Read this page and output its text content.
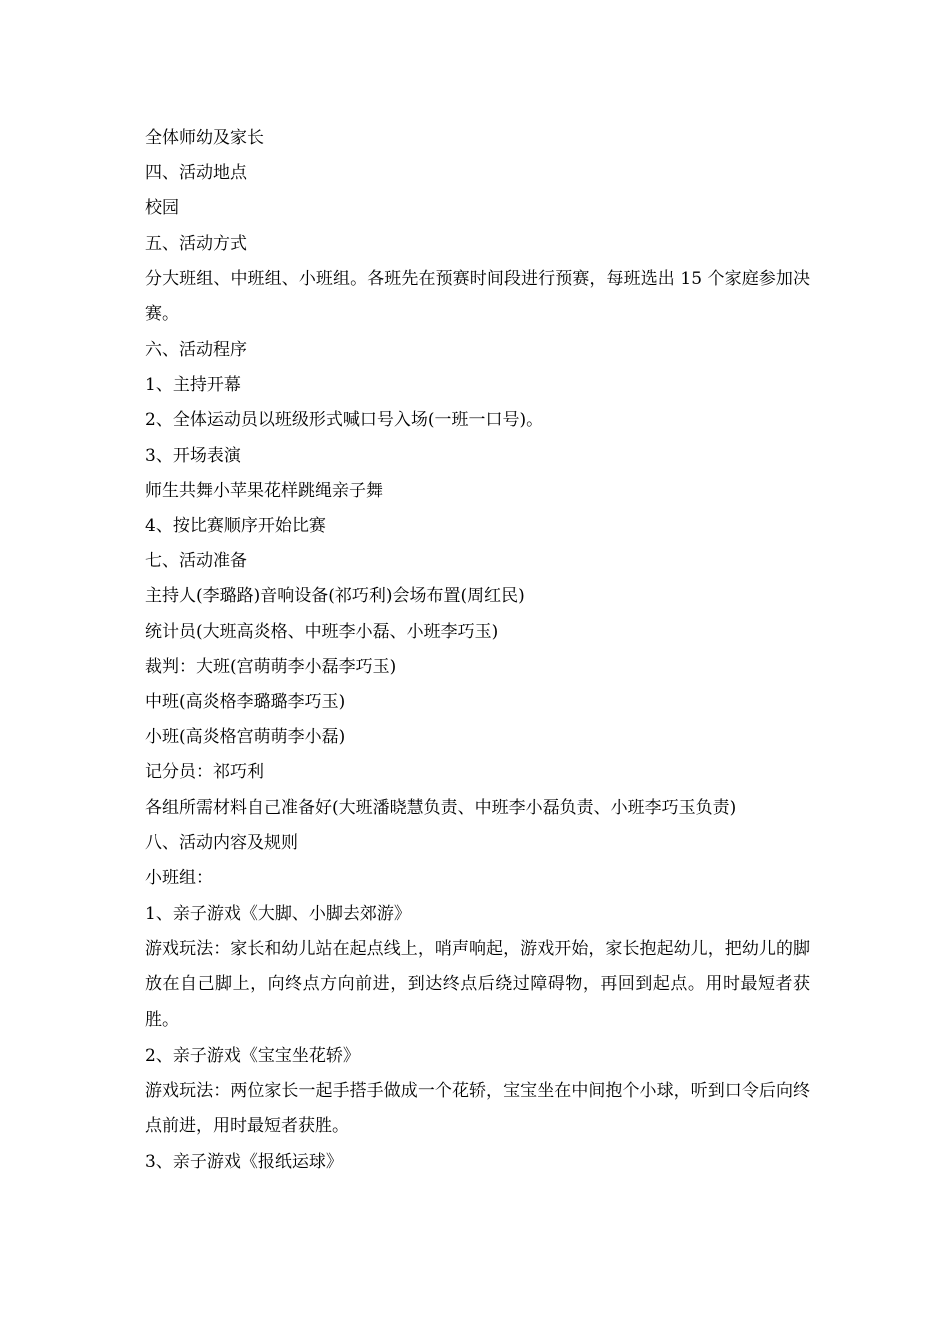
全体师幼及家长

四、活动地点

校园

五、活动方式

分大班组、中班组、小班组。各班先在预赛时间段进行预赛，每班选出 15 个家庭参加决赛。

六、活动程序

1、主持开幕

2、全体运动员以班级形式喊口号入场(一班一口号)。

3、开场表演

师生共舞小苹果花样跳绳亲子舞

4、按比赛顺序开始比赛

七、活动准备

主持人(李璐路)音响设备(祁巧利)会场布置(周红民)

统计员(大班高炎格、中班李小磊、小班李巧玉)

裁判：大班(宫萌萌李小磊李巧玉)

中班(高炎格李璐璐李巧玉)

小班(高炎格宫萌萌李小磊)

记分员：祁巧利

各组所需材料自己准备好(大班潘晓慧负责、中班李小磊负责、小班李巧玉负责)

八、活动内容及规则

小班组：

1、亲子游戏《大脚、小脚去郊游》

游戏玩法：家长和幼儿站在起点线上，哨声响起，游戏开始，家长抱起幼儿，把幼儿的脚放在自己脚上，向终点方向前进，到达终点后绕过障碍物，再回到起点。用时最短者获胜。

2、亲子游戏《宝宝坐花轿》

游戏玩法：两位家长一起手搭手做成一个花轿，宝宝坐在中间抱个小球，听到口令后向终点前进，用时最短者获胜。

3、亲子游戏《报纸运球》
